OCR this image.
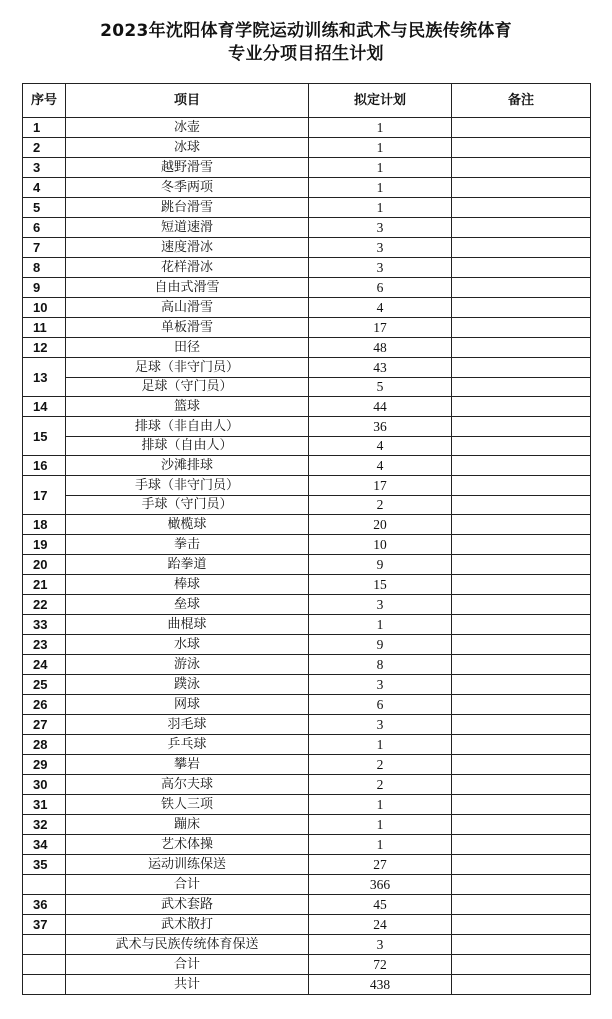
2023年沈阳体育学院运动训练和武术与民族传统体育
专业分项目招生计划
序号	项目	拟定计划	备注
1	冰壶	1	
2	冰球	1	
3	越野滑雪	1	
4	冬季两项	1	
5	跳台滑雪	1	
6	短道速滑	3	
7	速度滑冰	3	
8	花样滑冰	3	
9	自由式滑雪	6	
10	高山滑雪	4	
11	单板滑雪	17	
12	田径	48	
13	足球（非守门员）	43	
	足球（守门员）	5	
14	篮球	44	
15	排球（非自由人）	36	
	排球（自由人）	4	
16	沙滩排球	4	
17	手球（非守门员）	17	
	手球（守门员）	2	
18	橄榄球	20	
19	拳击	10	
20	跆拳道	9	
21	棒球	15	
22	垒球	3	
33	曲棍球	1	
23	水球	9	
24	游泳	8	
25	蹼泳	3	
26	网球	6	
27	羽毛球	3	
28	乒乓球	1	
29	攀岩	2	
30	高尔夫球	2	
31	铁人三项	1	
32	蹦床	1	
34	艺术体操	1	
35	运动训练保送	27	
	合计	366	
36	武术套路	45	
37	武术散打	24	
	武术与民族传统体育保送	3	
	合计	72	
	共计	438	
